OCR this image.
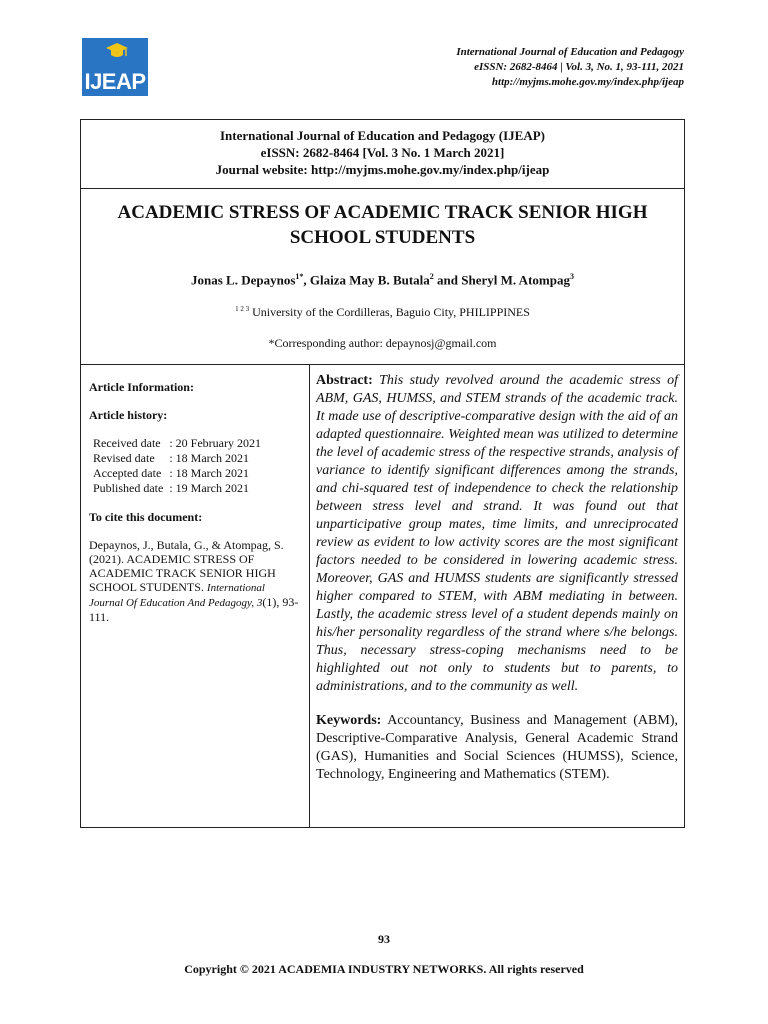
IJEAP
International Journal of Education and Pedagogy
eISSN: 2682-8464 | Vol. 3, No. 1, 93-111, 2021
http://myjms.mohe.gov.my/index.php/ijeap
International Journal of Education and Pedagogy (IJEAP)
eISSN: 2682-8464 [Vol. 3 No. 1 March 2021]
Journal website: http://myjms.mohe.gov.my/index.php/ijeap
ACADEMIC STRESS OF ACADEMIC TRACK SENIOR HIGH SCHOOL STUDENTS
Jonas L. Depaynos$^{1*}$, Glaiza May B. Butala$^2$ and Sheryl M. Atompag$^3$
$^{1 2 3}$ University of the Cordilleras, Baguio City, PHILIPPINES
*Corresponding author: depaynosj@gmail.com
Article Information:
Article history:
Received date	: 20 February 2021
Revised date	: 18 March 2021
Accepted date	: 18 March 2021
Published date	: 19 March 2021
To cite this document:
Depaynos, J., Butala, G., & Atompag, S. (2021). ACADEMIC STRESS OF ACADEMIC TRACK SENIOR HIGH SCHOOL STUDENTS. International Journal Of Education And Pedagogy, 3(1), 93-111.
Abstract: This study revolved around the academic stress of ABM, GAS, HUMSS, and STEM strands of the academic track. It made use of descriptive-comparative design with the aid of an adapted questionnaire. Weighted mean was utilized to determine the level of academic stress of the respective strands, analysis of variance to identify significant differences among the strands, and chi-squared test of independence to check the relationship between stress level and strand. It was found out that unparticipative group mates, time limits, and unreciprocated review as evident to low activity scores are the most significant factors needed to be considered in lowering academic stress. Moreover, GAS and HUMSS students are significantly stressed higher compared to STEM, with ABM mediating in between. Lastly, the academic stress level of a student depends mainly on his/her personality regardless of the strand where s/he belongs. Thus, necessary stress-coping mechanisms need to be highlighted out not only to students but to parents, to administrations, and to the community as well.
Keywords: Accountancy, Business and Management (ABM), Descriptive-Comparative Analysis, General Academic Strand (GAS), Humanities and Social Sciences (HUMSS), Science, Technology, Engineering and Mathematics (STEM).
93
Copyright © 2021 ACADEMIA INDUSTRY NETWORKS. All rights reserved
